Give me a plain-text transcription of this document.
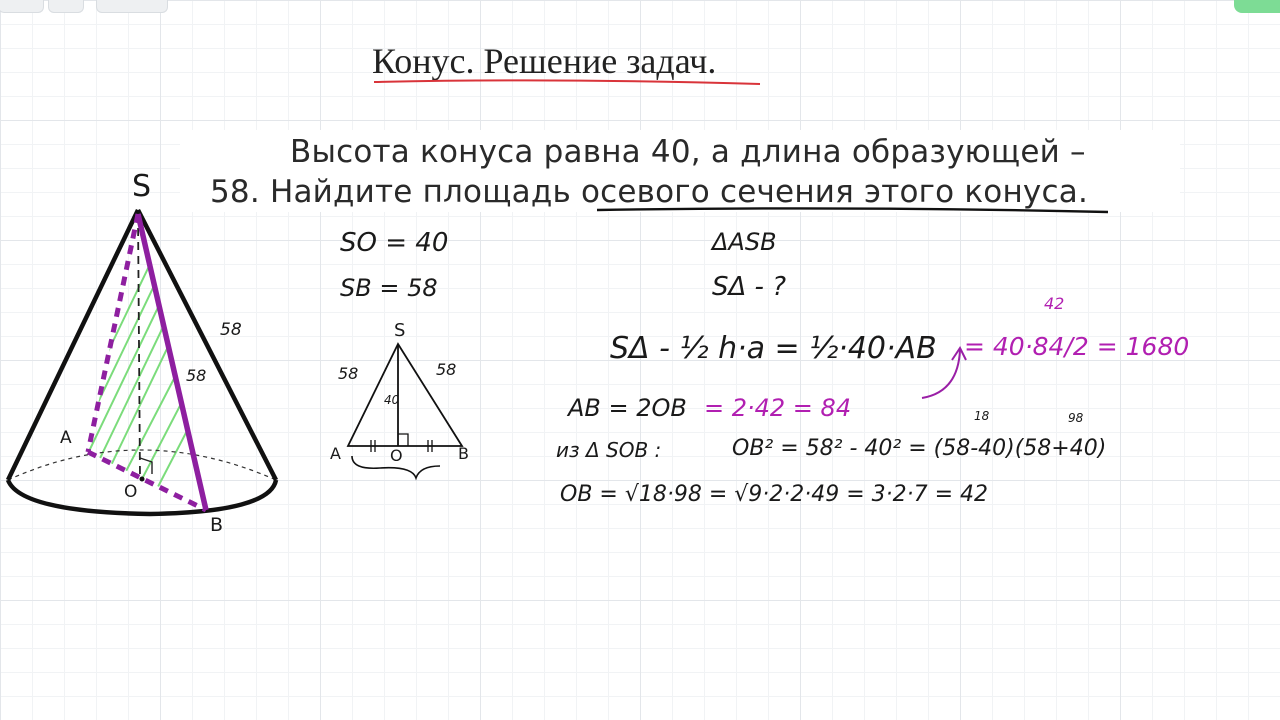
Конус. Решение задач.
Высота конуса равна 40, а длина образующей –
58. Найдите площадь осевого сечения этого конуса.
S
A
O
B
58
58
S
A	O	B
58	58
40
SO = 40
SB = 58
ΔASB
SΔ - ?
SΔ - ½ h·a = ½·40·AB = 40·84/2 = 1680
42
AB = 2OB = 2·42 = 84
из Δ SOB :	OB² = 58² - 40² = (58-40)(58+40)
18	98
OB = √18·98 = √9·2·2·49 = 3·2·7 = 42
